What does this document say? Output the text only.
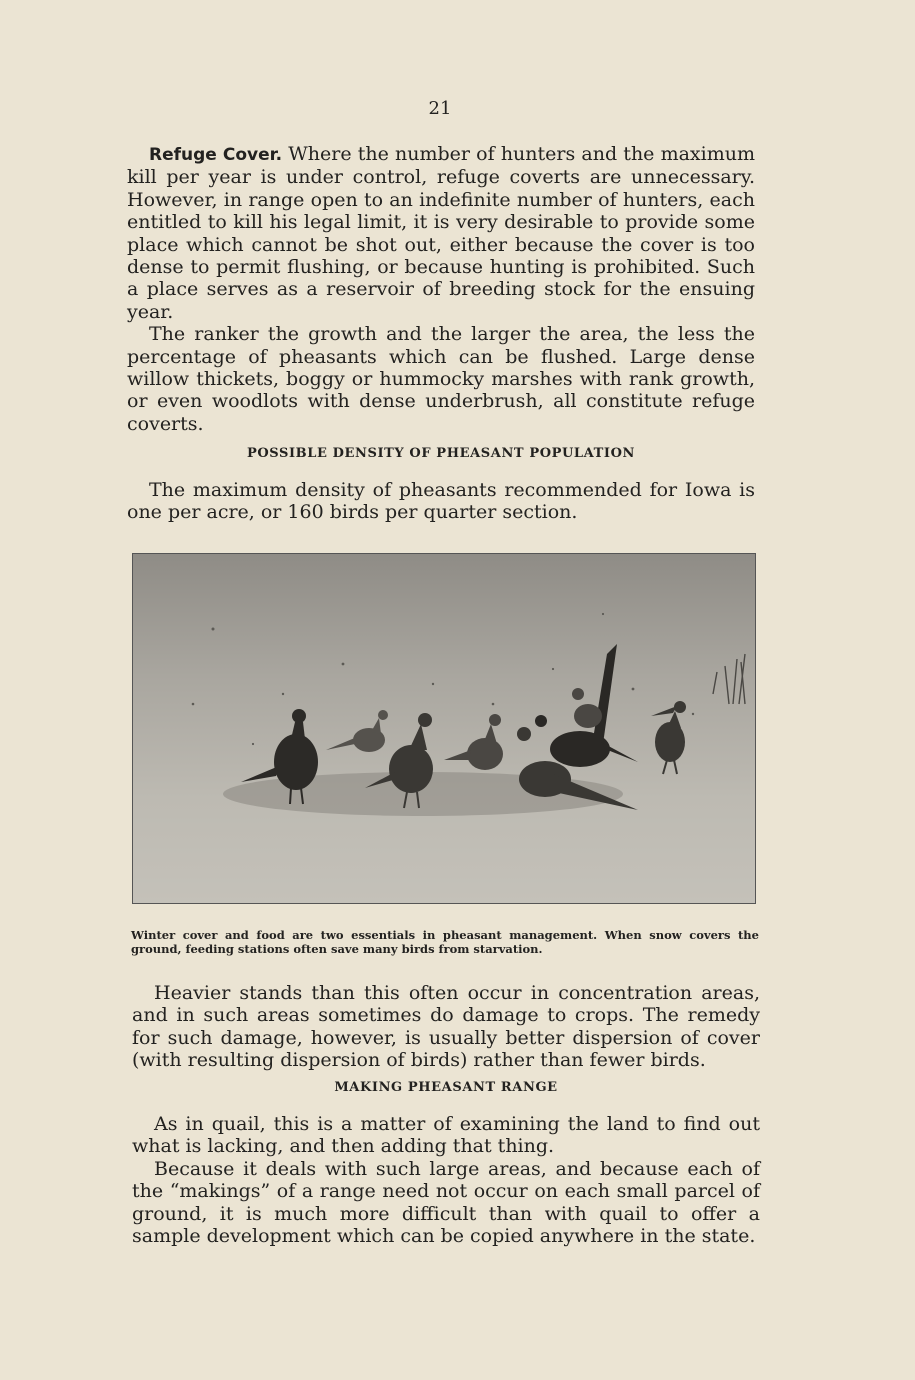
21

Refuge Cover. Where the number of hunters and the maximum kill per year is under control, refuge coverts are unnecessary. However, in range open to an indefinite number of hunters, each entitled to kill his legal limit, it is very desirable to provide some place which cannot be shot out, either because the cover is too dense to permit flushing, or because hunting is prohibited. Such a place serves as a reservoir of breeding stock for the ensuing year.

The ranker the growth and the larger the area, the less the percentage of pheasants which can be flushed. Large dense willow thickets, boggy or hummocky marshes with rank growth, or even woodlots with dense underbrush, all constitute refuge coverts.

POSSIBLE DENSITY OF PHEASANT POPULATION

The maximum density of pheasants recommended for Iowa is one per acre, or 160 birds per quarter section.

Winter cover and food are two essentials in pheasant management. When snow covers the ground, feeding stations often save many birds from starvation.

Heavier stands than this often occur in concentration areas, and in such areas sometimes do damage to crops. The remedy for such damage, however, is usually better dispersion of cover (with resulting dispersion of birds) rather than fewer birds.

MAKING PHEASANT RANGE

As in quail, this is a matter of examining the land to find out what is lacking, and then adding that thing.

Because it deals with such large areas, and because each of the “makings” of a range need not occur on each small parcel of ground, it is much more difficult than with quail to offer a sample development which can be copied anywhere in the state.
